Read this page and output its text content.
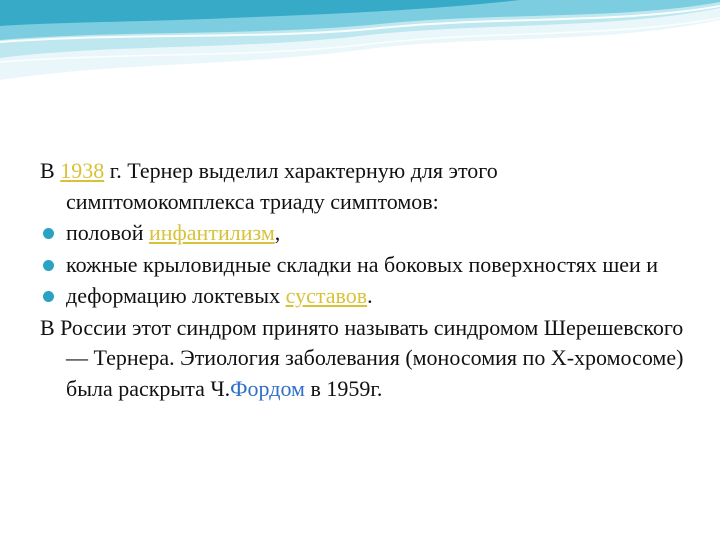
В 1938 г. Тернер выделил характерную для этого симптомокомплекса триаду симптомов:

половой инфантилизм,
кожные крыловидные складки на боковых поверхностях шеи и
деформацию локтевых суставов.

В России этот синдром принято называть синдромом Шерешевского — Тернера. Этиология заболевания (моносомия по Х-хромосоме) была раскрыта Ч.Фордом в 1959г.
